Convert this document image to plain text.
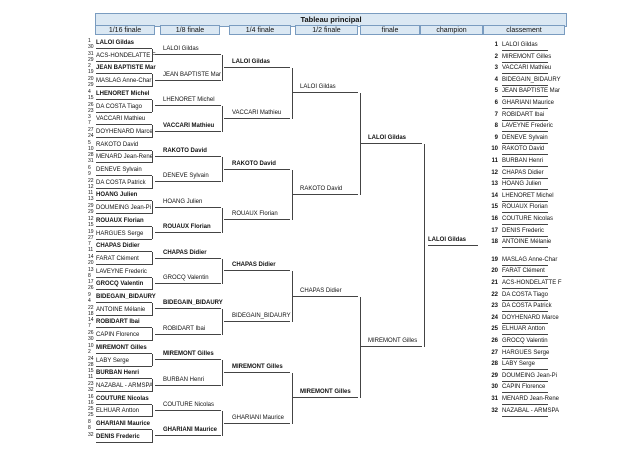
Tableau principal
1/16 finale	1/8 finale	1/4 finale	1/2 finale	finale	champion	classement
1
30
LALOI Gildas
31
29
ACS-HONDELATTE F
2
19
JEAN BAPTISTE Mar
20
29
MASLAG Anne-Char
4
15
LHENORET Michel
26
23
DA COSTA Tiago
3
7
VACCARI Mathieu
27
24
DOYHENARD Marce
5
10
RAKOTO David
28
31
MENARD Jean-Rene
6
9
DENEVE Sylvain
22
12
DA COSTA Patrick
11
13
HOANG Julien
29
29
DOUMEING Jean-Pi
12
15
ROUAUX Florian
19
27
HARGUES Serge
7
11
CHAPAS Didier
14
20
FARAT Clément
13
8
LAVEYNE Frederic
17
26
GROCQ Valentin
9
4
BIDEGAIN_BIDAURY
22
18
ANTOINE Mélanie
14
7
ROBIDART Ibai
26
30
CAPIN Florence
10
2
MIREMONT Gilles
24
28
LABY Serge
15
11
BURBAN Henri
23
32
NAZABAL - ARMSPA
16
16
COUTURE Nicolas
25
25
ELHUAR Antton
8
8
GHARIANI Maurice
32 DENIS Frederic
LALOI Gildas
JEAN BAPTISTE Mar
LHENORET Michel
VACCARI Mathieu
RAKOTO David
DENEVE Sylvain
HOANG Julien
ROUAUX Florian
CHAPAS Didier
GROCQ Valentin
BIDEGAIN_BIDAURY
ROBIDART Ibai
MIREMONT Gilles
BURBAN Henri
COUTURE Nicolas
GHARIANI Maurice
LALOI Gildas
VACCARI Mathieu
RAKOTO David
ROUAUX Florian
CHAPAS Didier
BIDEGAIN_BIDAURY
MIREMONT Gilles
GHARIANI Maurice
LALOI Gildas
RAKOTO David
CHAPAS Didier
MIREMONT Gilles
LALOI Gildas
MIREMONT Gilles
LALOI Gildas
1 LALOI Gildas
2 MIREMONT Gilles
3 VACCARI Mathieu
4 BIDEGAIN_BIDAURY
5 JEAN BAPTISTE Mar
6 GHARIANI Maurice
7 ROBIDART Ibai
8 LAVEYNE Frederic
9 DENEVE Sylvain
10 RAKOTO David
11 BURBAN Henri
12 CHAPAS Didier
13 HOANG Julien
14 LHENORET Michel
15 ROUAUX Florian
16 COUTURE Nicolas
17 DENIS Frederic
18 ANTOINE Mélanie
19 MASLAG Anne-Char
20 FARAT Clément
21 ACS-HONDELATTE F
22 DA COSTA Tiago
23 DA COSTA Patrick
24 DOYHENARD Marce
25 ELHUAR Antton
26 GROCQ Valentin
27 HARGUES Serge
28 LABY Serge
29 DOUMEING Jean-Pi
30 CAPIN Florence
31 MENARD Jean-Rene
32 NAZABAL - ARMSPA
